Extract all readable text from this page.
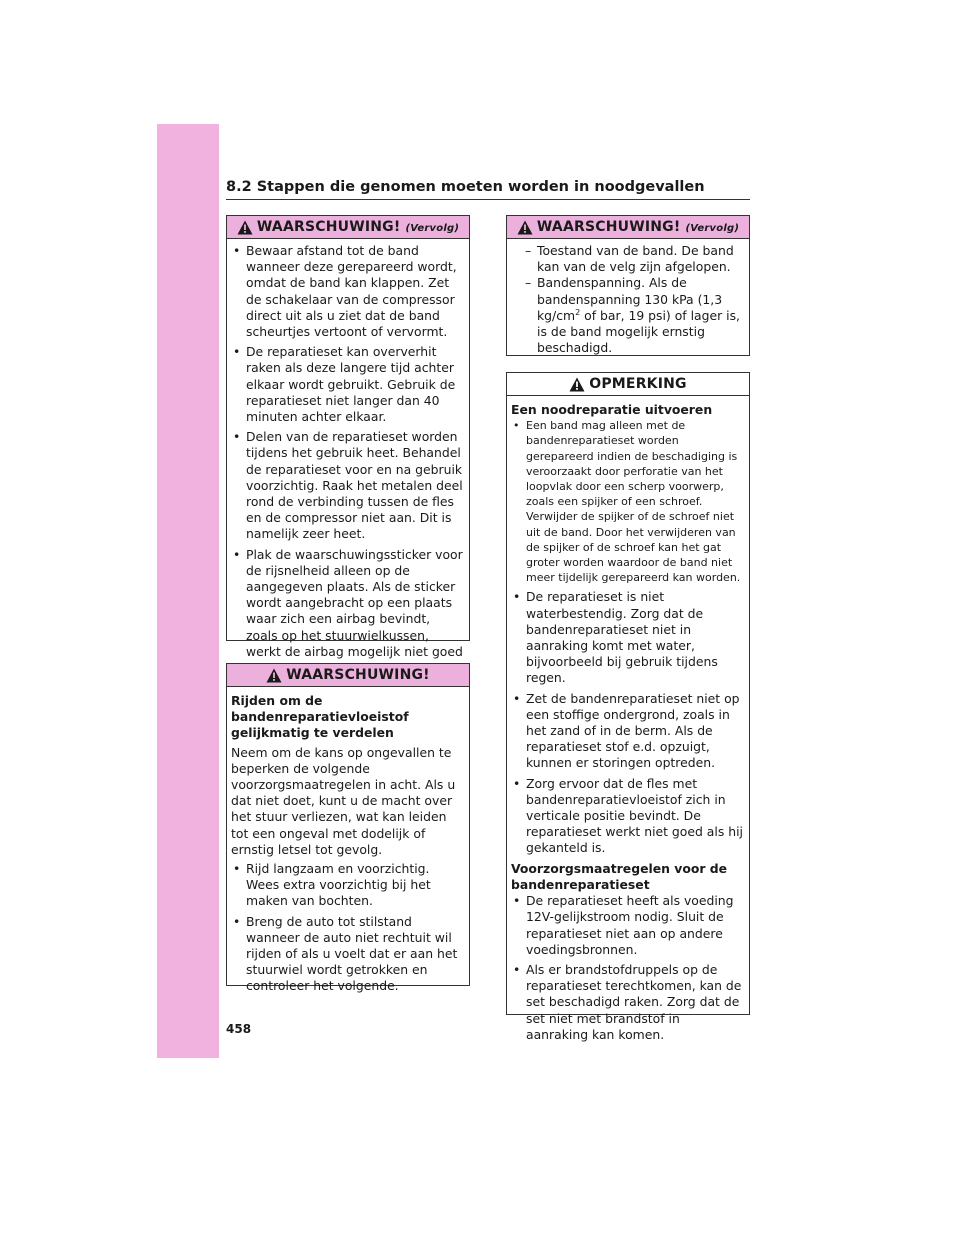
8.2 Stappen die genomen moeten worden in noodgevallen
WAARSCHUWING! (Vervolg)
• Bewaar afstand tot de band wanneer deze gerepareerd wordt, omdat de band kan klappen. Zet de schakelaar van de compressor direct uit als u ziet dat de band scheurtjes vertoont of vervormt.
• De reparatieset kan oververhit raken als deze langere tijd achter elkaar wordt gebruikt. Gebruik de reparatieset niet langer dan 40 minuten achter elkaar.
• Delen van de reparatieset worden tijdens het gebruik heet. Behandel de reparatieset voor en na gebruik voorzichtig. Raak het metalen deel rond de verbinding tussen de fles en de compressor niet aan. Dit is namelijk zeer heet.
• Plak de waarschuwingssticker voor de rijsnelheid alleen op de aangegeven plaats. Als de sticker wordt aangebracht op een plaats waar zich een airbag bevindt, zoals op het stuurwielkussen, werkt de airbag mogelijk niet goed
WAARSCHUWING!
Rijden om de bandenreparatievloeistof gelijkmatig te verdelen
Neem om de kans op ongevallen te beperken de volgende voorzorgsmaatregelen in acht. Als u dat niet doet, kunt u de macht over het stuur verliezen, wat kan leiden tot een ongeval met dodelijk of ernstig letsel tot gevolg.
• Rijd langzaam en voorzichtig. Wees extra voorzichtig bij het maken van bochten.
• Breng de auto tot stilstand wanneer de auto niet rechtuit wil rijden of als u voelt dat er aan het stuurwiel wordt getrokken en controleer het volgende.
WAARSCHUWING! (Vervolg)
– Toestand van de band. De band kan van de velg zijn afgelopen.
– Bandenspanning. Als de bandenspanning 130 kPa (1,3 $kg/cm^2$ of bar, 19 psi) of lager is, is de band mogelijk ernstig beschadigd.
OPMERKING
Een noodreparatie uitvoeren
• Een band mag alleen met de bandenreparatieset worden gerepareerd indien de beschadiging is veroorzaakt door perforatie van het loopvlak door een scherp voorwerp, zoals een spijker of een schroef. Verwijder de spijker of de schroef niet uit de band. Door het verwijderen van de spijker of de schroef kan het gat groter worden waardoor de band niet meer tijdelijk gerepareerd kan worden.
• De reparatieset is niet waterbestendig. Zorg dat de bandenreparatieset niet in aanraking komt met water, bijvoorbeeld bij gebruik tijdens regen.
• Zet de bandenreparatieset niet op een stoffige ondergrond, zoals in het zand of in de berm. Als de reparatieset stof e.d. opzuigt, kunnen er storingen optreden.
• Zorg ervoor dat de fles met bandenreparatievloeistof zich in verticale positie bevindt. De reparatieset werkt niet goed als hij gekanteld is.
Voorzorgsmaatregelen voor de bandenreparatieset
• De reparatieset heeft als voeding 12V-gelijkstroom nodig. Sluit de reparatieset niet aan op andere voedingsbronnen.
• Als er brandstofdruppels op de reparatieset terechtkomen, kan de set beschadigd raken. Zorg dat de set niet met brandstof in aanraking kan komen.
458
